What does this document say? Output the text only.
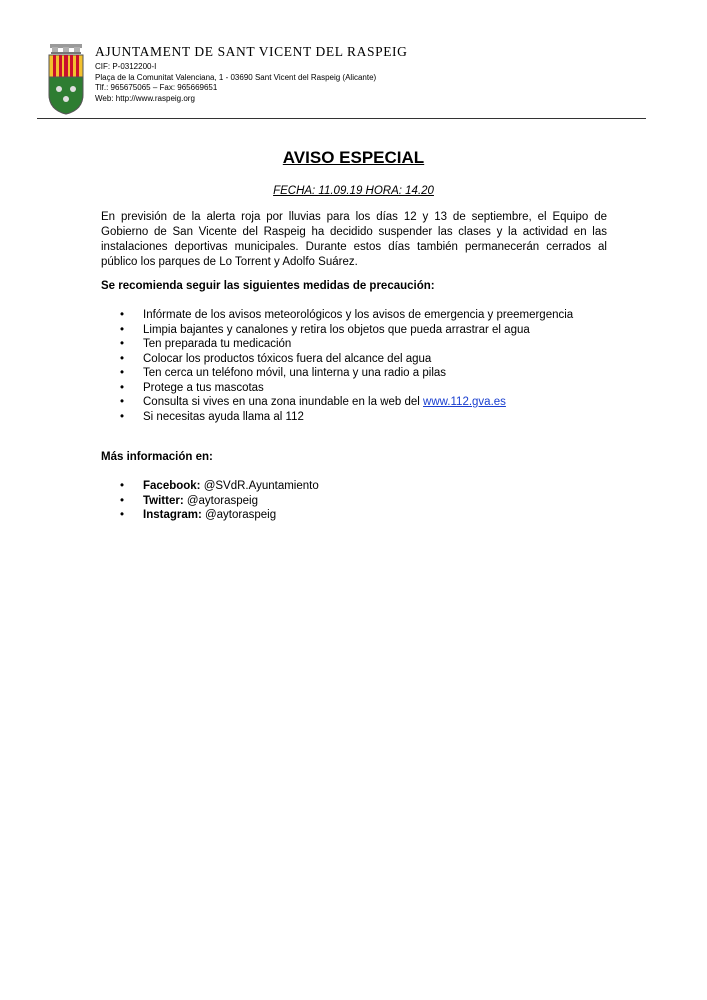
AJUNTAMENT DE SANT VICENT DEL RASPEIG
CIF: P-0312200-I
Plaça de la Comunitat Valenciana, 1 - 03690 Sant Vicent del Raspeig (Alicante)
Tlf.: 965675065 – Fax: 965669651
Web: http://www.raspeig.org
AVISO ESPECIAL
FECHA: 11.09.19 HORA: 14.20
En previsión de la alerta roja por lluvias para los días 12 y 13 de septiembre, el Equipo de Gobierno de San Vicente del Raspeig ha decidido suspender las clases y la actividad en las instalaciones deportivas municipales. Durante estos días también permanecerán cerrados al público los parques de Lo Torrent y Adolfo Suárez.
Se recomienda seguir las siguientes medidas de precaución:
• Infórmate de los avisos meteorológicos y los avisos de emergencia y preemergencia
• Limpia bajantes y canalones y retira los objetos que pueda arrastrar el agua
• Ten preparada tu medicación
• Colocar los productos tóxicos fuera del alcance del agua
• Ten cerca un teléfono móvil, una linterna y una radio a pilas
• Protege a tus mascotas
• Consulta si vives en una zona inundable en la web del www.112.gva.es
• Si necesitas ayuda llama al 112
Más información en:
• Facebook: @SVdR.Ayuntamiento
• Twitter: @aytoraspeig
• Instagram: @aytoraspeig
